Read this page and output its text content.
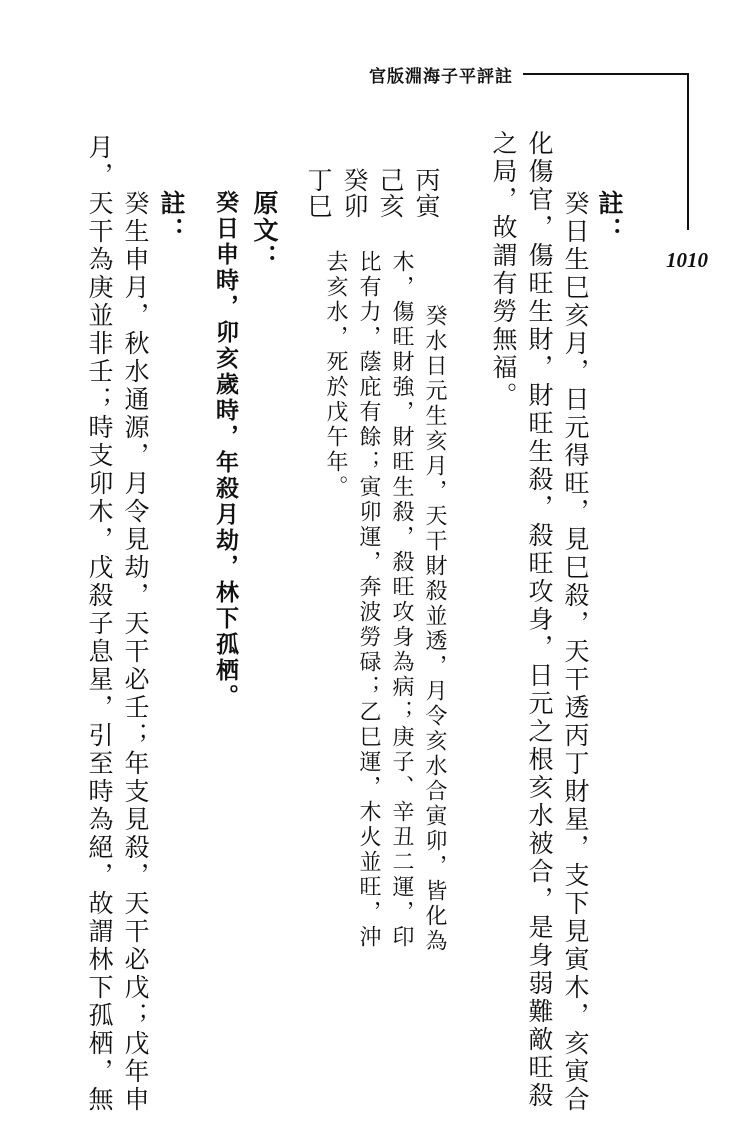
官版淵海子平評註
1010
註：
癸日生巳亥月，日元得旺，見巳殺，天干透丙丁財星，支下見寅木，亥寅合
化傷官，傷旺生財，財旺生殺，殺旺攻身，日元之根亥水被合，是身弱難敵旺殺
之局，故謂有勞無福。
丙寅
己亥
癸卯
丁巳
癸水日元生亥月，天干財殺並透，月令亥水合寅卯，皆化為
木，傷旺財強，財旺生殺，殺旺攻身為病；庚子、辛丑二運，印
比有力，蔭庇有餘；寅卯運，奔波勞碌；乙巳運，木火並旺，沖
去亥水，死於戊午年。
原文：
癸日申時，卯亥歲時，年殺月劫，林下孤栖。
註：
癸生申月，秋水通源，月令見劫，天干必壬；年支見殺，天干必戊；戊年申
月，天干為庚並非壬；時支卯木，戊殺子息星，引至時為絕，故謂林下孤栖，無
